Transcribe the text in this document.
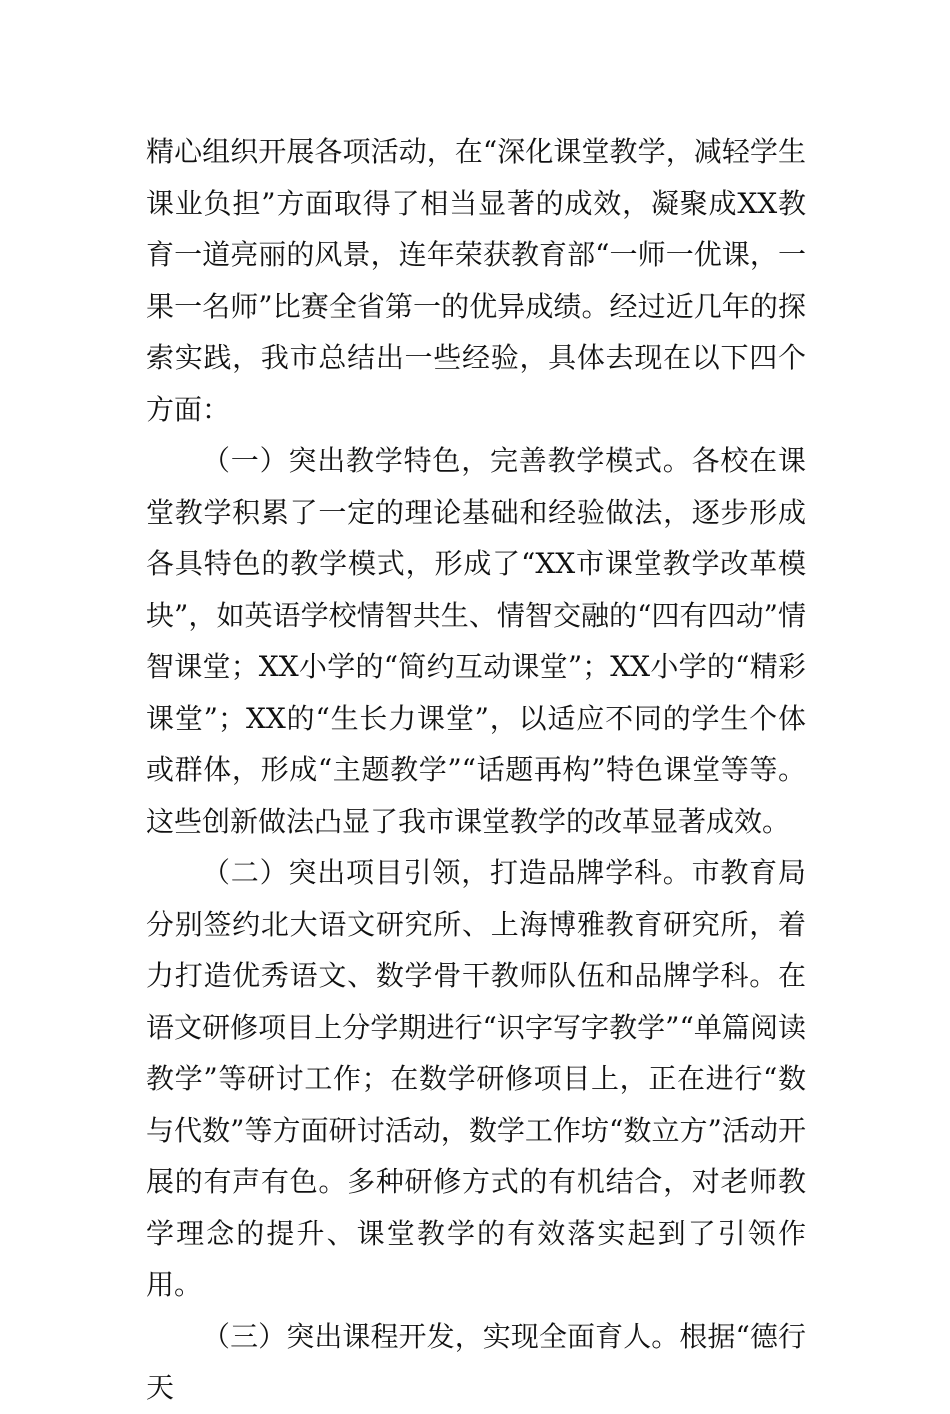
精心组织开展各项活动，在“深化课堂教学，减轻学生课业负担”方面取得了相当显著的成效，凝聚成XX教育一道亮丽的风景，连年荣获教育部“一师一优课，一果一名师”比赛全省第一的优异成绩。经过近几年的探索实践，我市总结出一些经验，具体去现在以下四个方面：

（一）突出教学特色，完善教学模式。各校在课堂教学积累了一定的理论基础和经验做法，逐步形成各具特色的教学模式，形成了“XX市课堂教学改革模块”，如英语学校情智共生、情智交融的“四有四动”情智课堂；XX小学的“简约互动课堂”；XX小学的“精彩课堂”；XX的“生长力课堂”，以适应不同的学生个体或群体，形成“主题教学”“话题再构”特色课堂等等。这些创新做法凸显了我市课堂教学的改革显著成效。

（二）突出项目引领，打造品牌学科。市教育局分别签约北大语文研究所、上海博雅教育研究所，着力打造优秀语文、数学骨干教师队伍和品牌学科。在语文研修项目上分学期进行“识字写字教学”“单篇阅读教学”等研讨工作；在数学研修项目上，正在进行“数与代数”等方面研讨活动，数学工作坊“数立方”活动开展的有声有色。多种研修方式的有机结合，对老师教学理念的提升、课堂教学的有效落实起到了引领作用。

（三）突出课程开发，实现全面育人。根据“德行天
